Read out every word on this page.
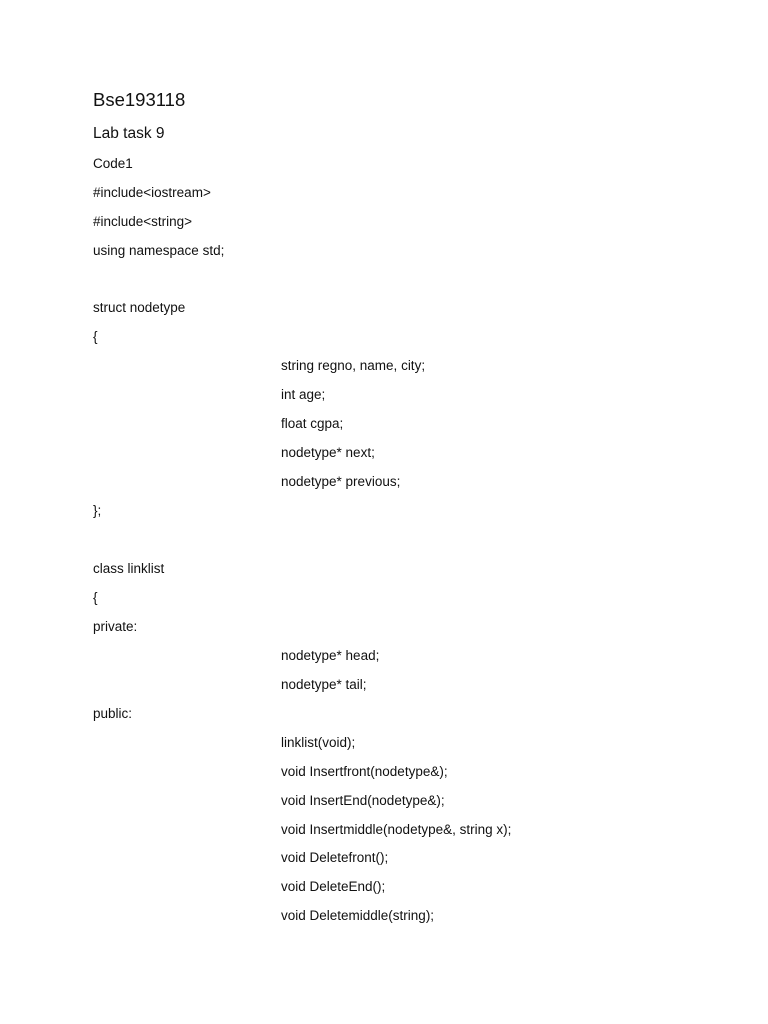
Bse193118
Lab task 9
Code1
#include<iostream>
#include<string>
using namespace std;
struct nodetype
{
string regno, name, city;
int age;
float cgpa;
nodetype* next;
nodetype* previous;
};
class linklist
{
private:
nodetype* head;
nodetype* tail;
public:
linklist(void);
void Insertfront(nodetype&);
void InsertEnd(nodetype&);
void Insertmiddle(nodetype&, string x);
void Deletefront();
void DeleteEnd();
void Deletemiddle(string);
